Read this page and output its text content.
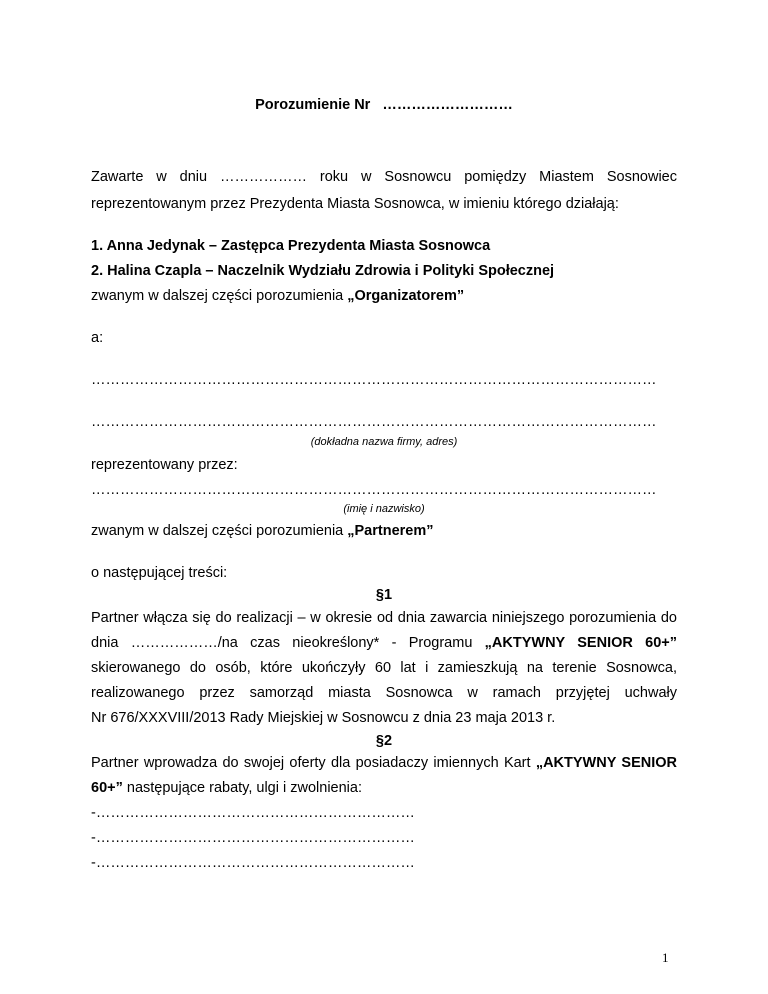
Porozumienie Nr ………………………
Zawarte w dniu ……………… roku w Sosnowcu pomiędzy Miastem Sosnowiec
reprezentowanym przez Prezydenta Miasta Sosnowca, w imieniu którego działają:
1. Anna Jedynak – Zastępca Prezydenta Miasta Sosnowca
2. Halina Czapla – Naczelnik Wydziału Zdrowia i Polityki Społecznej
zwanym w dalszej części porozumienia „Organizatorem”
a:
………………………………………………………………………………………………………
………………………………………………………………………………………………………
(dokładna nazwa firmy, adres)
reprezentowany przez:
………………………………………………………………………………………………………
(imię i nazwisko)
zwanym w dalszej części porozumienia „Partnerem”
o następującej treści:
§1
Partner włącza się do realizacji – w okresie od dnia zawarcia niniejszego porozumienia do
dnia ………………/na czas nieokreślony* - Programu „AKTYWNY SENIOR 60+”
skierowanego do osób, które ukończyły 60 lat i zamieszkują na terenie Sosnowca,
realizowanego przez samorząd miasta Sosnowca w ramach przyjętej uchwały
Nr 676/XXXVIII/2013 Rady Miejskiej w Sosnowcu z dnia 23 maja 2013 r.
§2
Partner wprowadza do swojej oferty dla posiadaczy imiennych Kart „AKTYWNY SENIOR
60+” następujące rabaty, ulgi i zwolnienia:
-…………………………………………………………
-…………………………………………………………
-…………………………………………………………
1
